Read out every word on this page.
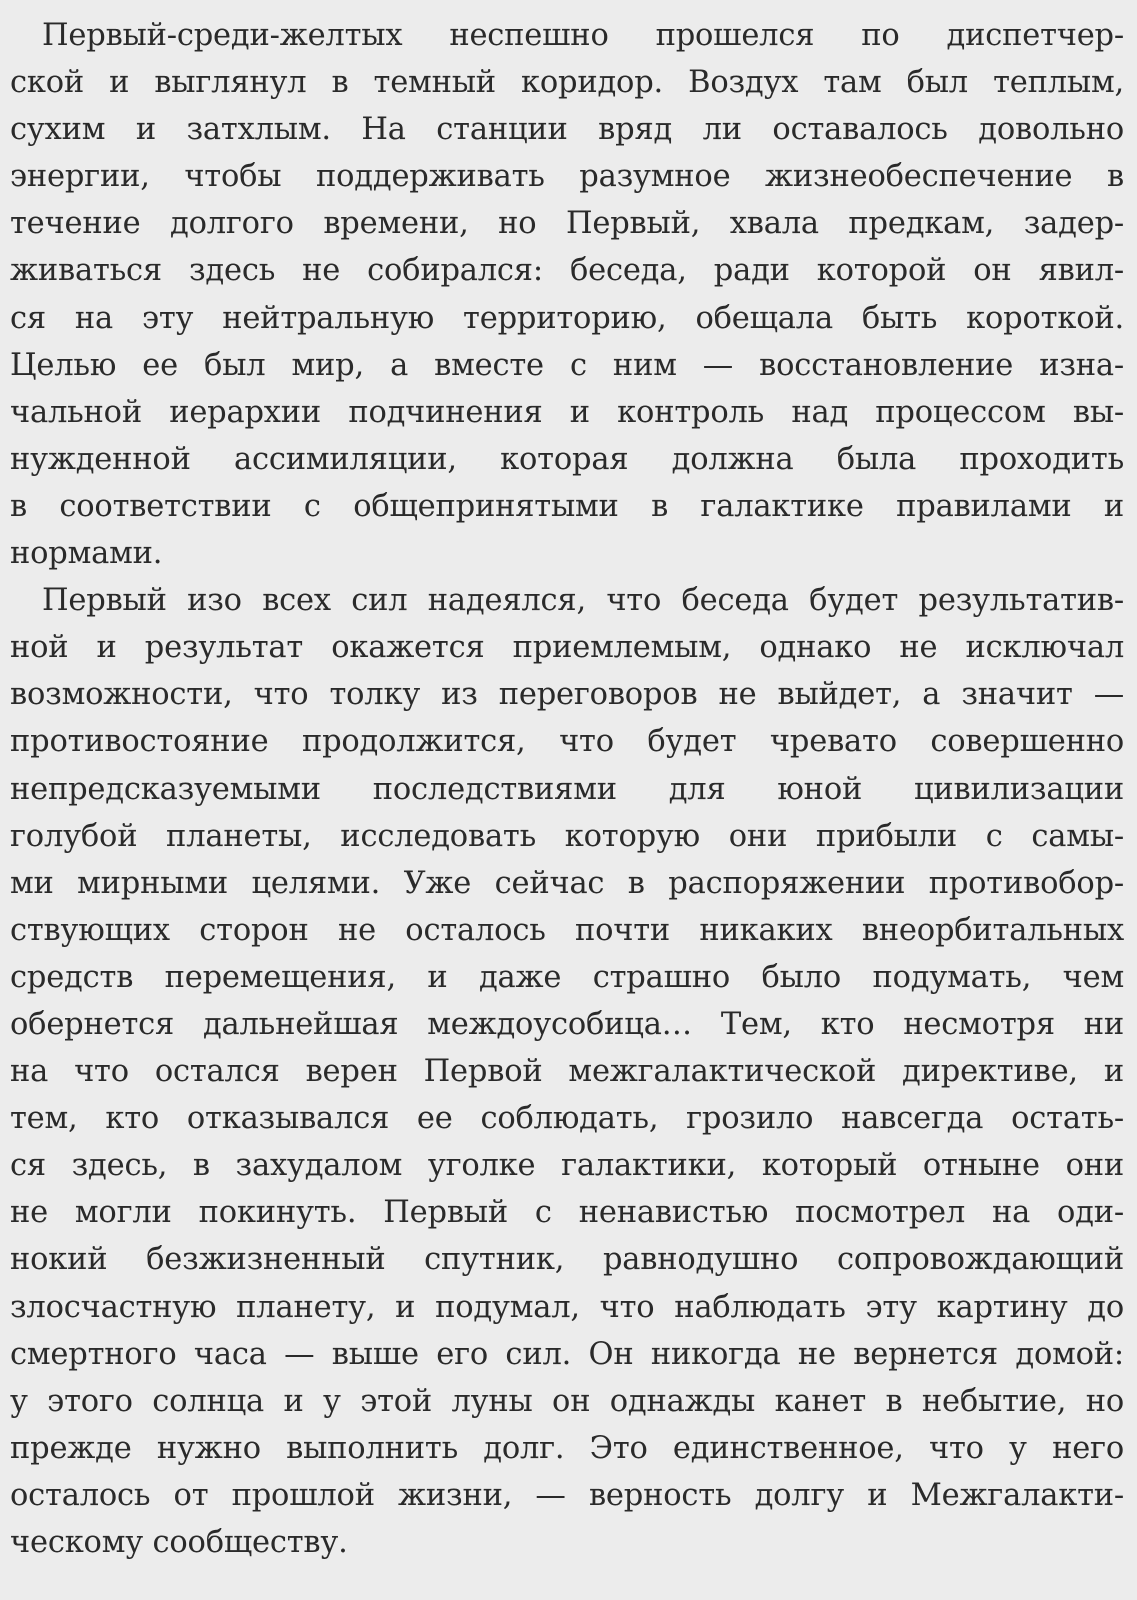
Первый-среди-желтых неспешно прошелся по диспетчер-
ской и выглянул в темный коридор. Воздух там был теплым,
сухим и затхлым. На станции вряд ли оставалось довольно
энергии, чтобы поддерживать разумное жизнеобеспечение в
течение долгого времени, но Первый, хвала предкам, задер-
живаться здесь не собирался: беседа, ради которой он явил-
ся на эту нейтральную территорию, обещала быть короткой.
Целью ее был мир, а вместе с ним — восстановление изна-
чальной иерархии подчинения и контроль над процессом вы-
нужденной ассимиляции, которая должна была проходить
в соответствии с общепринятыми в галактике правилами и
нормами.
Первый изо всех сил надеялся, что беседа будет результатив-
ной и результат окажется приемлемым, однако не исключал
возможности, что толку из переговоров не выйдет, а значит —
противостояние продолжится, что будет чревато совершенно
непредсказуемыми последствиями для юной цивилизации
голубой планеты, исследовать которую они прибыли с самы-
ми мирными целями. Уже сейчас в распоряжении противобор-
ствующих сторон не осталось почти никаких внеорбитальных
средств перемещения, и даже страшно было подумать, чем
обернется дальнейшая междоусобица… Тем, кто несмотря ни
на что остался верен Первой межгалактической директиве, и
тем, кто отказывался ее соблюдать, грозило навсегда остать-
ся здесь, в захудалом уголке галактики, который отныне они
не могли покинуть. Первый с ненавистью посмотрел на оди-
нокий безжизненный спутник, равнодушно сопровождающий
злосчастную планету, и подумал, что наблюдать эту картину до
смертного часа — выше его сил. Он никогда не вернется домой:
у этого солнца и у этой луны он однажды канет в небытие, но
прежде нужно выполнить долг. Это единственное, что у него
осталось от прошлой жизни, — верность долгу и Межгалакти-
ческому сообществу.
